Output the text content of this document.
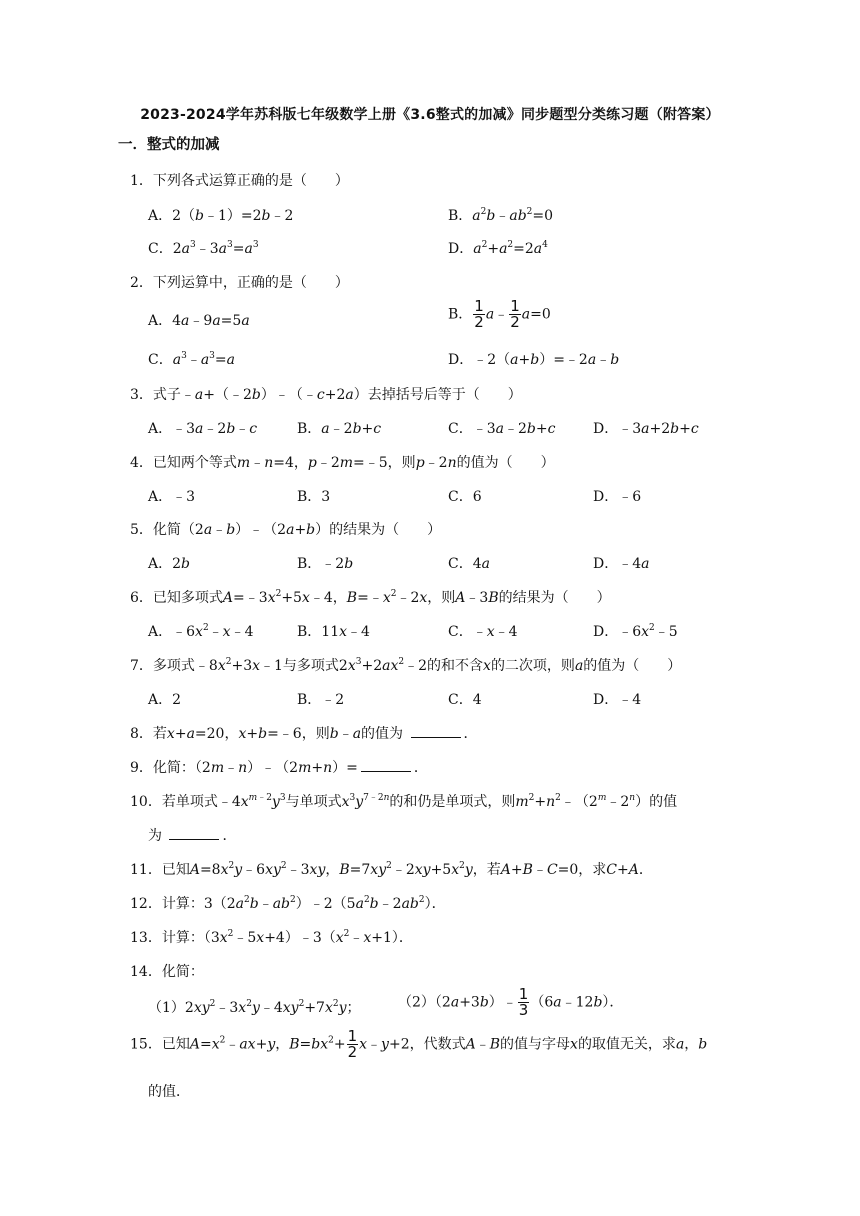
2023-2024学年苏科版七年级数学上册《3.6整式的加减》同步题型分类练习题（附答案）
一．整式的加减
1．下列各式运算正确的是（　　）
A．2（b﹣1）=2b﹣2	B．$a^2b﹣ab^2=0$
C．$2a^3﹣3a^3=a^3$	D．$a^2+a^2=2a^4$
2．下列运算中，正确的是（　　）
A．4a﹣9a=5a	B． $\frac{1}{2}$ a﹣ $\frac{1}{2} a=0$
C．$a^3﹣a^3=a$	D．﹣2（a+b）=﹣2a﹣b
3．式子﹣a+（﹣2b）﹣（﹣c+2a）去掉括号后等于（　　）
A．﹣3a﹣2b﹣c	B．a﹣2b+c	C．﹣3a﹣2b+c	D．﹣3a+2b+c
4．已知两个等式m﹣n=4，p﹣2m=﹣5，则p﹣2n的值为（　　）
A．﹣3	B．3	C．6	D．﹣6
5．化简（2a﹣b）﹣（2a+b）的结果为（　　）
A．2b	B．﹣2b	C．4a	D．﹣4a
6．已知多项式$A=﹣3x^2+5x﹣4$，$B=﹣x^2﹣2x$，则A﹣3B的结果为（　　）
A．$﹣6x^2﹣x﹣4$	B．11x﹣4	C．﹣x﹣4	D．$﹣6x^2﹣5$
7．多项式$﹣8x^2+3x﹣1$与多项式$2x^3+2ax^2﹣2$的和不含x的二次项，则a的值为（　　）
A．2	B．﹣2	C．4	D．﹣4
8．若x+a=20，x+b=﹣6，则b﹣a的值为	．
9．化简：（2m﹣n）﹣（2m+n）=	．
10．若单项式$﹣4x^{m﹣2}y^3$与单项式$x^3y^{7﹣2n}$的和仍是单项式，则$m^2+n^2﹣(2^m﹣2^n)$的值
为	．
11．已知$A=8x^2y﹣6xy^2﹣3xy$，$B=7xy^2﹣2xy+5x^2y$，若A+B﹣C=0，求C+A．
12．计算：$3(2a^2b﹣ab^2)﹣2(5a^2b﹣2ab^2)$．
13．计算：$(3x^2﹣5x+4)﹣3(x^2﹣x+1)$．
14．化简：
$(1)2xy^2﹣3x^2y﹣4xy^2+7x^2y$；	（2）（2a+3b）﹣ $\frac{1}{3}$ （6a﹣12b）．
15．已知$A=x^2﹣ax+y$，$B=bx^2+ \frac{1}{2}$ x﹣y+2，代数式A﹣B的值与字母x的取值无关，求a，b
的值．
